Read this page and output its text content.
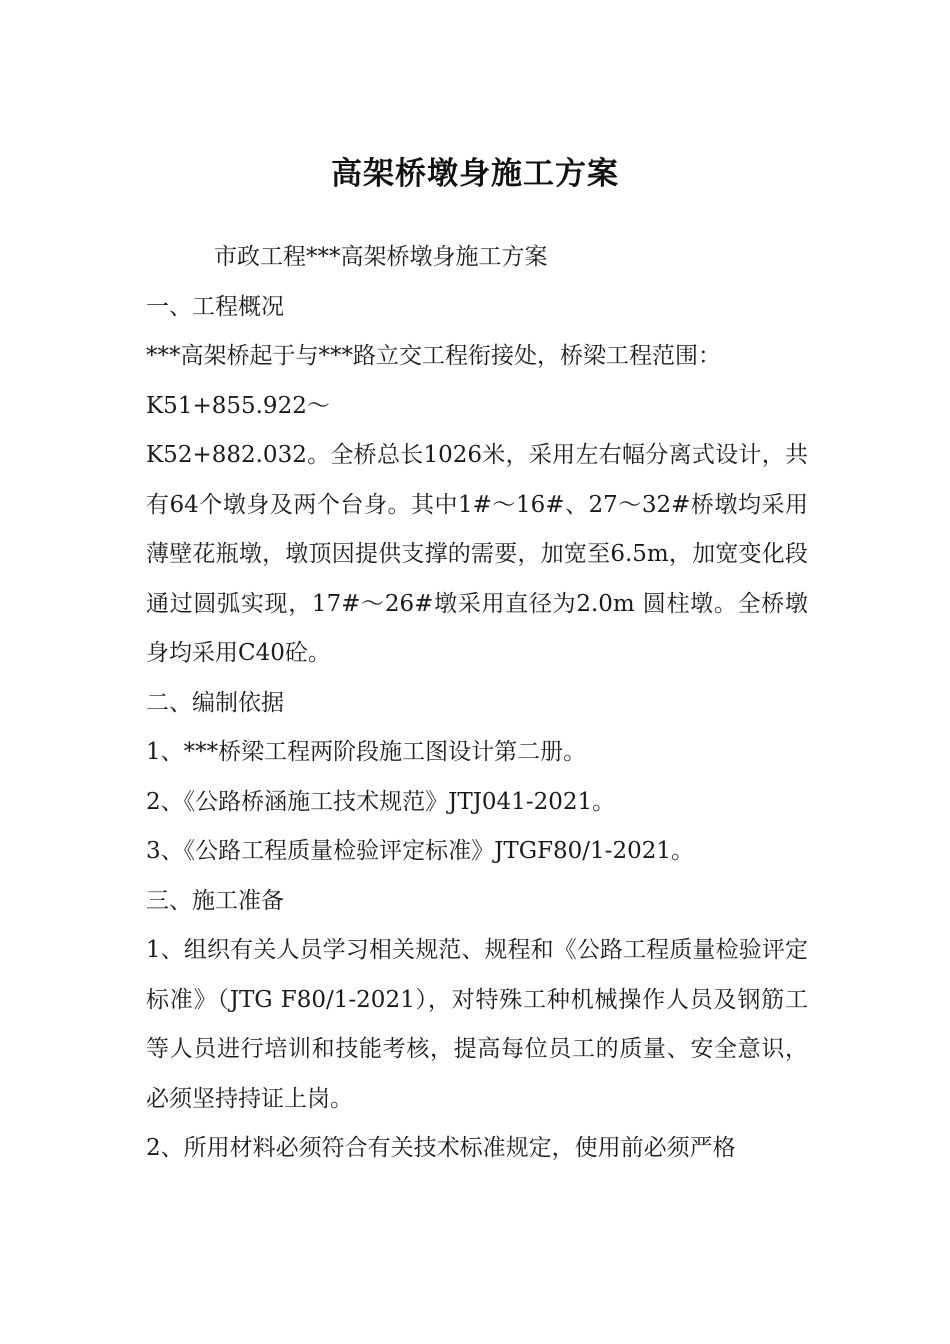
高架桥墩身施工方案

市政工程***高架桥墩身施工方案

一、工程概况

***高架桥起于与***路立交工程衔接处，桥梁工程范围：

K51+855.922～

K52+882.032。全桥总长1026米，采用左右幅分离式设计，共有64个墩身及两个台身。其中1#～16#、27～32#桥墩均采用薄壁花瓶墩，墩顶因提供支撑的需要，加宽至6.5m，加宽变化段通过圆弧实现，17#～26#墩采用直径为2.0m 圆柱墩。全桥墩身均采用C40砼。

二、编制依据

1、***桥梁工程两阶段施工图设计第二册。

2、《公路桥涵施工技术规范》JTJ041-2021。

3、《公路工程质量检验评定标准》JTGF80/1-2021。

三、施工准备

1、组织有关人员学习相关规范、规程和《公路工程质量检验评定标准》（JTG F80/1-2021），对特殊工种机械操作人员及钢筋工等人员进行培训和技能考核，提高每位员工的质量、安全意识，必须坚持持证上岗。

2、所用材料必须符合有关技术标准规定，使用前必须严格
